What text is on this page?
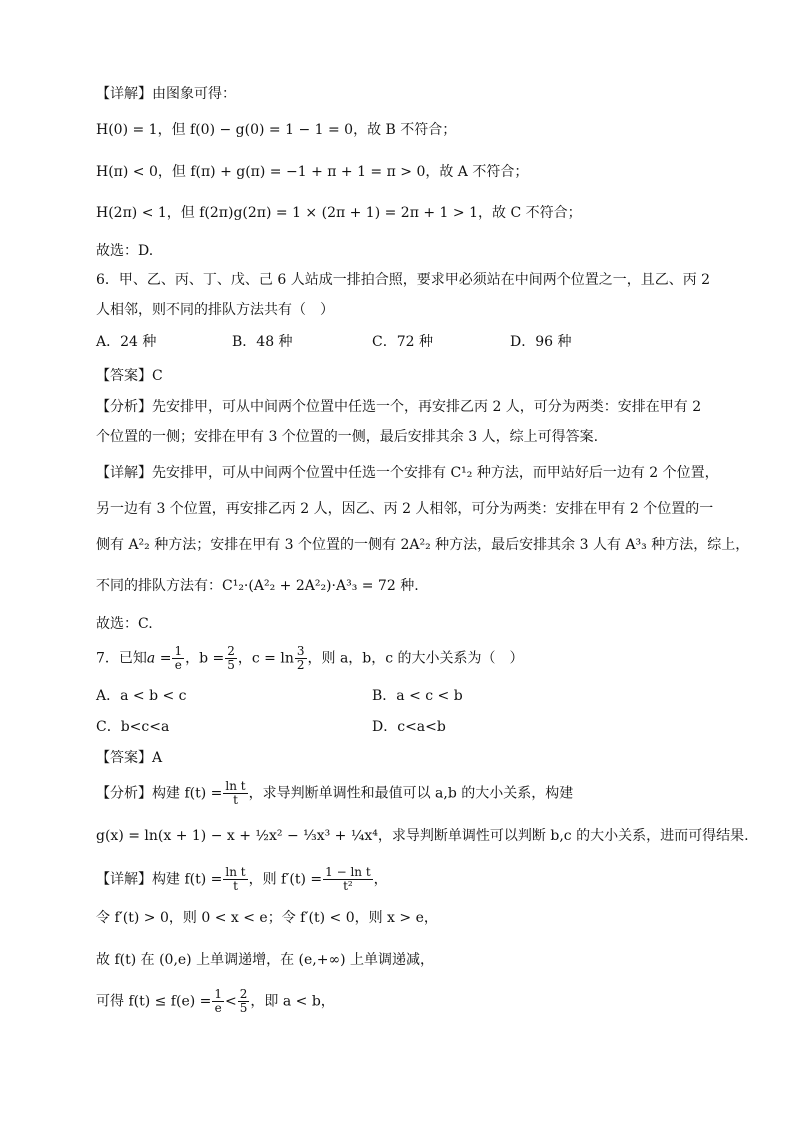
【详解】由图象可得：
H(0) = 1，但 f(0) − g(0) = 1 − 1 = 0，故 B 不符合；
H(π) < 0，但 f(π) + g(π) = −1 + π + 1 = π > 0，故 A 不符合；
H(2π) < 1，但 f(2π)g(2π) = 1 × (2π + 1) = 2π + 1 > 1，故 C 不符合；
故选：D.
6．甲、乙、丙、丁、戊、己 6 人站成一排拍合照，要求甲必须站在中间两个位置之一，且乙、丙 2
人相邻，则不同的排队方法共有（　）
A．24 种	B．48 种	C．72 种	D．96 种
【答案】C
【分析】先安排甲，可从中间两个位置中任选一个，再安排乙丙 2 人，可分为两类：安排在甲有 2
个位置的一侧；安排在甲有 3 个位置的一侧，最后安排其余 3 人，综上可得答案.
【详解】先安排甲，可从中间两个位置中任选一个安排有 C¹₂ 种方法，而甲站好后一边有 2 个位置，
另一边有 3 个位置，再安排乙丙 2 人，因乙、丙 2 人相邻，可分为两类：安排在甲有 2 个位置的一
侧有 A²₂ 种方法；安排在甲有 3 个位置的一侧有 2A²₂ 种方法，最后安排其余 3 人有 A³₃ 种方法，综上，
不同的排队方法有：C¹₂·(A²₂ + 2A²₂)·A³₃ = 72 种.
故选：C.
7．已知$a = \frac{1}{e}$ ，$b = \frac{2}{5}$ ，$c = \ln \frac{3}{2}$ ，则 a，b，c 的大小关系为（　）
A．a < b < c	B．a < c < b
C．b<c<a	D．c<a<b
【答案】A
【分析】构建 $f(t) = \frac{\text{ln t}}{t}$ ，求导判断单调性和最值可以 a,b 的大小关系，构建
g(x) = ln(x + 1) − x + ½x² − ⅓x³ + ¼x⁴，求导判断单调性可以判断 b,c 的大小关系，进而可得结果.
【详解】构建 $f(t) = \frac{\text{ln t}}{t}$ ，则 $f'(t) = \frac{\text{1 − ln t}}{\text{t²}}$ ，
令 f′(t) > 0，则 0 < x < e；令 f′(t) < 0，则 x > e，
故 f(t) 在 (0,e) 上单调递增，在 (e,+∞) 上单调递减，
可得 $f(t) \le f(e) = \frac{1}{e} < \frac{2}{5}$ ，即 a < b，
